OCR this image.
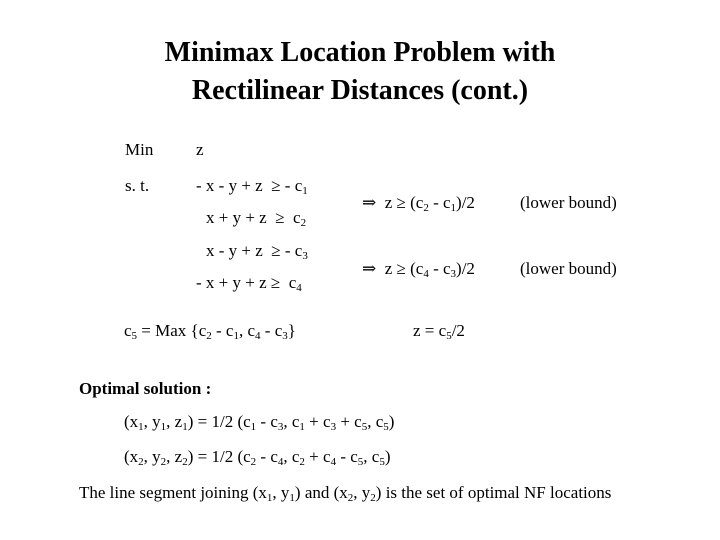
Minimax Location Problem with
Rectilinear Distances (cont.)
Min	z
s. t.	- x - y + z  ≥ - $c_1$
$x + y + z \ge c_2$
x - y + z  ≥ - $c_3$
- $x + y + z \ge c_4$
⇒  $z \ge (c_2 - c_1)/2$	(lower bound)
⇒  $z \ge (c_4 - c_3)/2$	(lower bound)
$c_5$ = Max {$c_2 - c_1$, $c_4 - c_3$}	$z = c_5/2$
Optimal solution :
($x_1$, $y_1$, $z_1) = 1/2$ ($c_1 - c_3$, $c_1 + c_3 + c_5$, $c_5$)
($x_2$, $y_2$, $z_2) = 1/2$ ($c_2 - c_4$, $c_2 + c_4 - c_5$, $c_5$)
The line segment joining ($x_1$, $y_1$) and ($x_2$, $y_2$) is the set of optimal NF locations
